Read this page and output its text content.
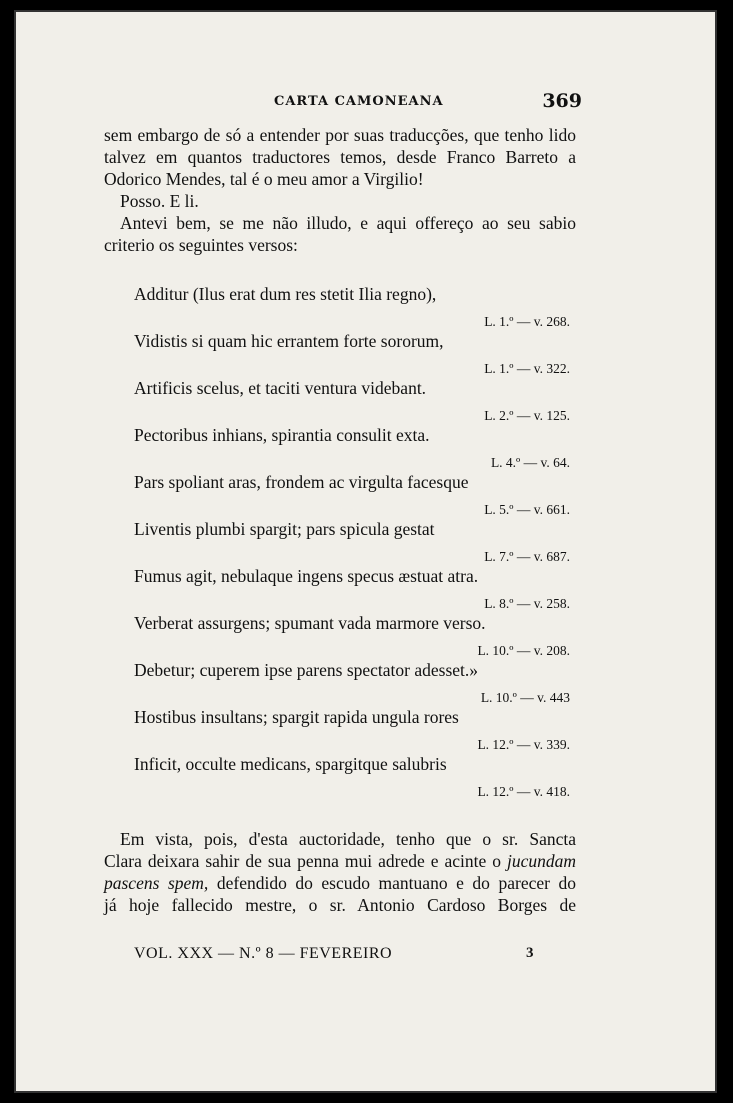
CARTA CAMONEANA	369
sem embargo de só a entender por suas traducções, que tenho lido
talvez em quantos traductores temos, desde Franco Barreto a
Odorico Mendes, tal é o meu amor a Virgilio!
Posso. E li.
Antevi bem, se me não illudo, e aqui offereço ao seu sabio
criterio os seguintes versos:
Additur (Ilus erat dum res stetit Ilia regno),
L. 1.º — v. 268.
Vidistis si quam hic errantem forte sororum,
L. 1.º — v. 322.
Artificis scelus, et taciti ventura videbant.
L. 2.º — v. 125.
Pectoribus inhians, spirantia consulit exta.
L. 4.º — v. 64.
Pars spoliant aras, frondem ac virgulta facesque
L. 5.º — v. 661.
Liventis plumbi spargit; pars spicula gestat
L. 7.º — v. 687.
Fumus agit, nebulaque ingens specus æstuat atra.
L. 8.º — v. 258.
Verberat assurgens; spumant vada marmore verso.
L. 10.º — v. 208.
Debetur; cuperem ipse parens spectator adesset.»
L. 10.º — v. 443
Hostibus insultans; spargit rapida ungula rores
L. 12.º — v. 339.
Inficit, occulte medicans, spargitque salubris
L. 12.º — v. 418.
Em vista, pois, d'esta auctoridade, tenho que o sr. Sancta
Clara deixara sahir de sua penna mui adrede e acinte o jucundam
pascens spem, defendido do escudo mantuano e do parecer do
já hoje fallecido mestre, o sr. Antonio Cardoso Borges de
VOL. XXX — N.º 8 — FEVEREIRO	3
